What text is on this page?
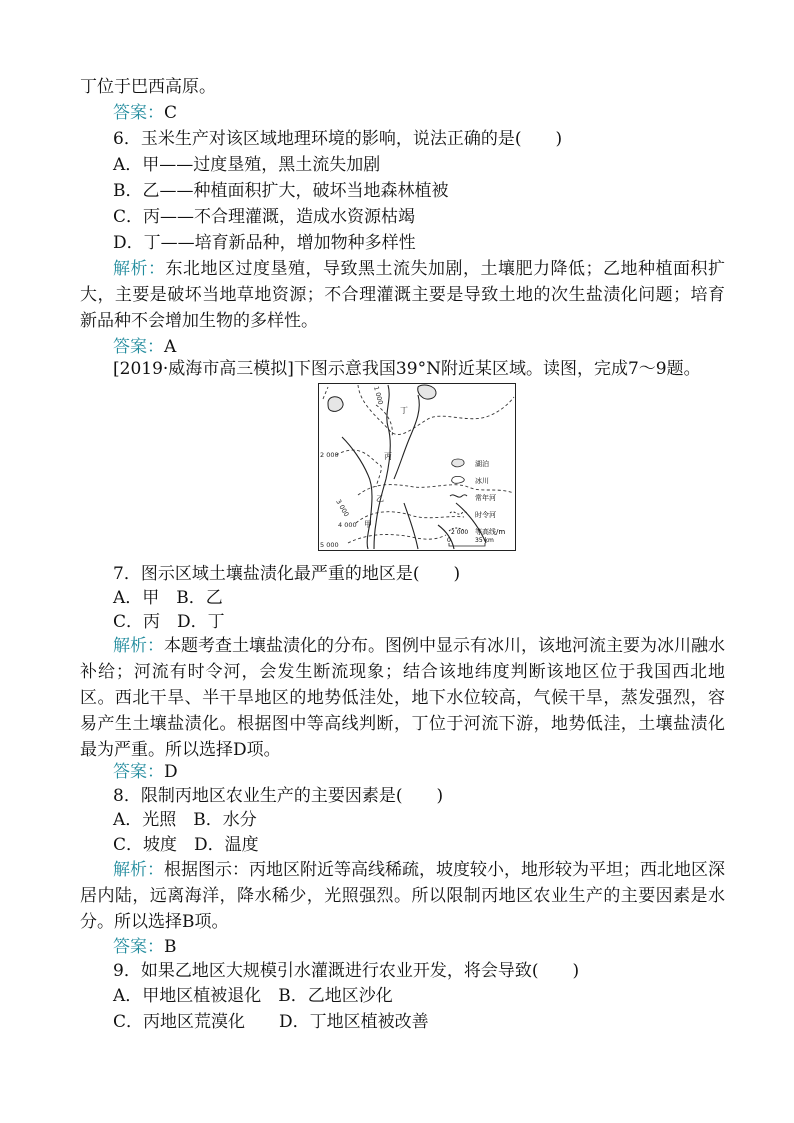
丁位于巴西高原。
答案：C
6．玉米生产对该区域地理环境的影响，说法正确的是(　　)
A．甲——过度垦殖，黑土流失加剧
B．乙——种植面积扩大，破坏当地森林植被
C．丙——不合理灌溉，造成水资源枯竭
D．丁——培育新品种，增加物种多样性
解析：东北地区过度垦殖，导致黑土流失加剧，土壤肥力降低；乙地种植面积扩大，主要是破坏当地草地资源；不合理灌溉主要是导致土地的次生盐渍化问题；培育新品种不会增加生物的多样性。
答案：A
[2019·威海市高三模拟]下图示意我国39°N附近某区域。读图，完成7～9题。
丙
乙
甲
丁
1 000
2 000
3 000
4 000
5 000
湖泊
冰川
常年河
时令河
2 000 等高线/m
0	35 km
7．图示区域土壤盐渍化最严重的地区是(　　)
A．甲　B．乙
C．丙　D．丁
解析：本题考查土壤盐渍化的分布。图例中显示有冰川，该地河流主要为冰川融水补给；河流有时令河，会发生断流现象；结合该地纬度判断该地区位于我国西北地区。西北干旱、半干旱地区的地势低洼处，地下水位较高，气候干旱，蒸发强烈，容易产生土壤盐渍化。根据图中等高线判断，丁位于河流下游，地势低洼，土壤盐渍化最为严重。所以选择D项。
答案：D
8．限制丙地区农业生产的主要因素是(　　)
A．光照　B．水分
C．坡度　D．温度
解析：根据图示：丙地区附近等高线稀疏，坡度较小，地形较为平坦；西北地区深居内陆，远离海洋，降水稀少，光照强烈。所以限制丙地区农业生产的主要因素是水分。所以选择B项。
答案：B
9．如果乙地区大规模引水灌溉进行农业开发，将会导致(　　)
A．甲地区植被退化　B．乙地区沙化
C．丙地区荒漠化　　D．丁地区植被改善
